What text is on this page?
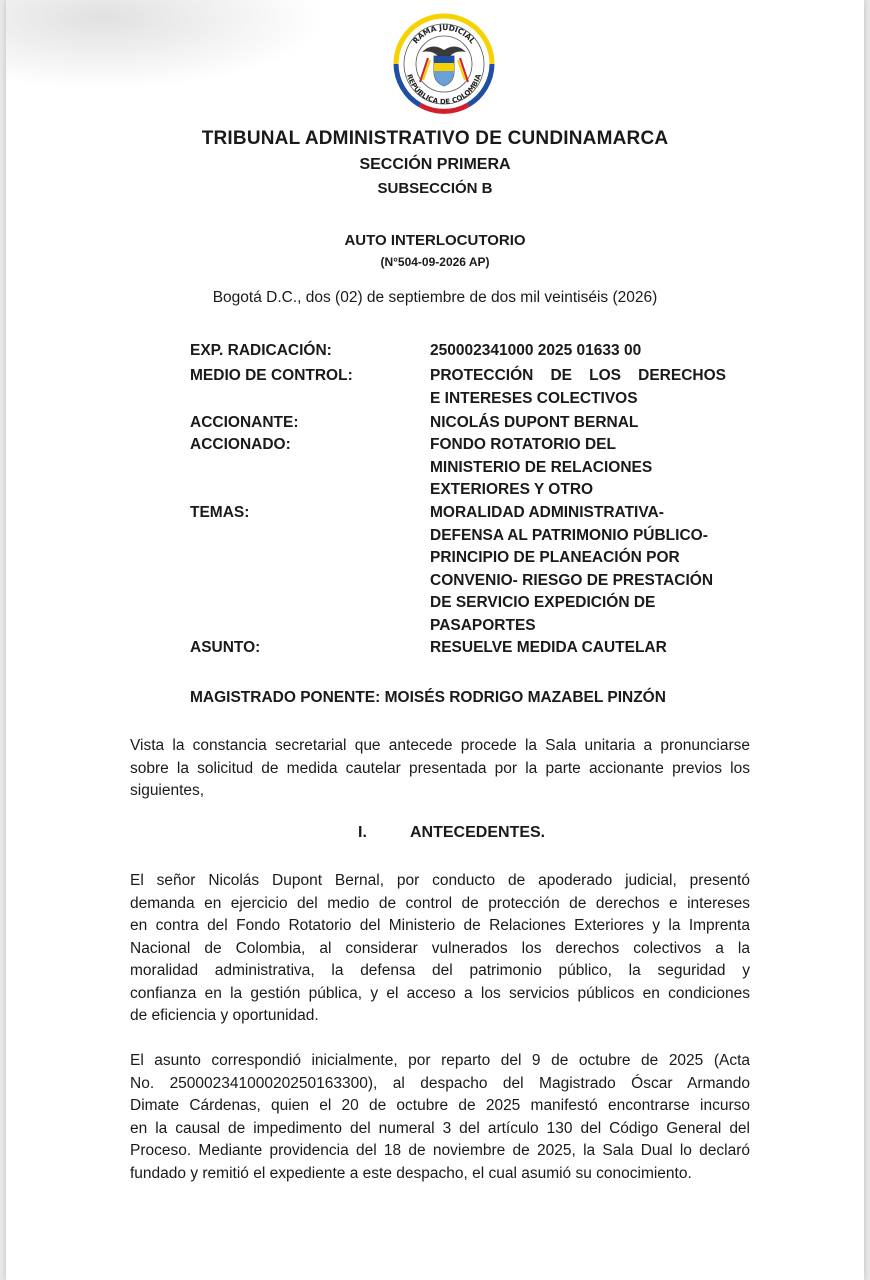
RAMA JUDICIAL
REPÚBLICA DE COLOMBIA
TRIBUNAL ADMINISTRATIVO DE CUNDINAMARCA
SECCIÓN PRIMERA
SUBSECCIÓN B
AUTO INTERLOCUTORIO
(N°504-09-2026 AP)
Bogotá D.C., dos (02) de septiembre de dos mil veintiséis (2026)
EXP. RADICACIÓN:	250002341000 2025 01633 00
MEDIO DE CONTROL:	PROTECCIÓN DE LOS DERECHOS
E INTERESES COLECTIVOS
ACCIONANTE:	NICOLÁS DUPONT BERNAL
ACCIONADO:	FONDO ROTATORIO DEL
MINISTERIO DE RELACIONES
EXTERIORES Y OTRO
TEMAS:	MORALIDAD ADMINISTRATIVA-
DEFENSA AL PATRIMONIO PÚBLICO-
PRINCIPIO DE PLANEACIÓN POR
CONVENIO- RIESGO DE PRESTACIÓN
DE SERVICIO EXPEDICIÓN DE
PASAPORTES
ASUNTO:	RESUELVE MEDIDA CAUTELAR
MAGISTRADO PONENTE: MOISÉS RODRIGO MAZABEL PINZÓN
Vista la constancia secretarial que antecede procede la Sala unitaria a pronunciarse
sobre la solicitud de medida cautelar presentada por la parte accionante previos los
siguientes,
I.	ANTECEDENTES.
El señor Nicolás Dupont Bernal, por conducto de apoderado judicial, presentó
demanda en ejercicio del medio de control de protección de derechos e intereses
en contra del Fondo Rotatorio del Ministerio de Relaciones Exteriores y la Imprenta
Nacional de Colombia, al considerar vulnerados los derechos colectivos a la
moralidad administrativa, la defensa del patrimonio público, la seguridad y
confianza en la gestión pública, y el acceso a los servicios públicos en condiciones
de eficiencia y oportunidad.
El asunto correspondió inicialmente, por reparto del 9 de octubre de 2025 (Acta
No. 25000234100020250163300), al despacho del Magistrado Óscar Armando
Dimate Cárdenas, quien el 20 de octubre de 2025 manifestó encontrarse incurso
en la causal de impedimento del numeral 3 del artículo 130 del Código General del
Proceso. Mediante providencia del 18 de noviembre de 2025, la Sala Dual lo declaró
fundado y remitió el expediente a este despacho, el cual asumió su conocimiento.
